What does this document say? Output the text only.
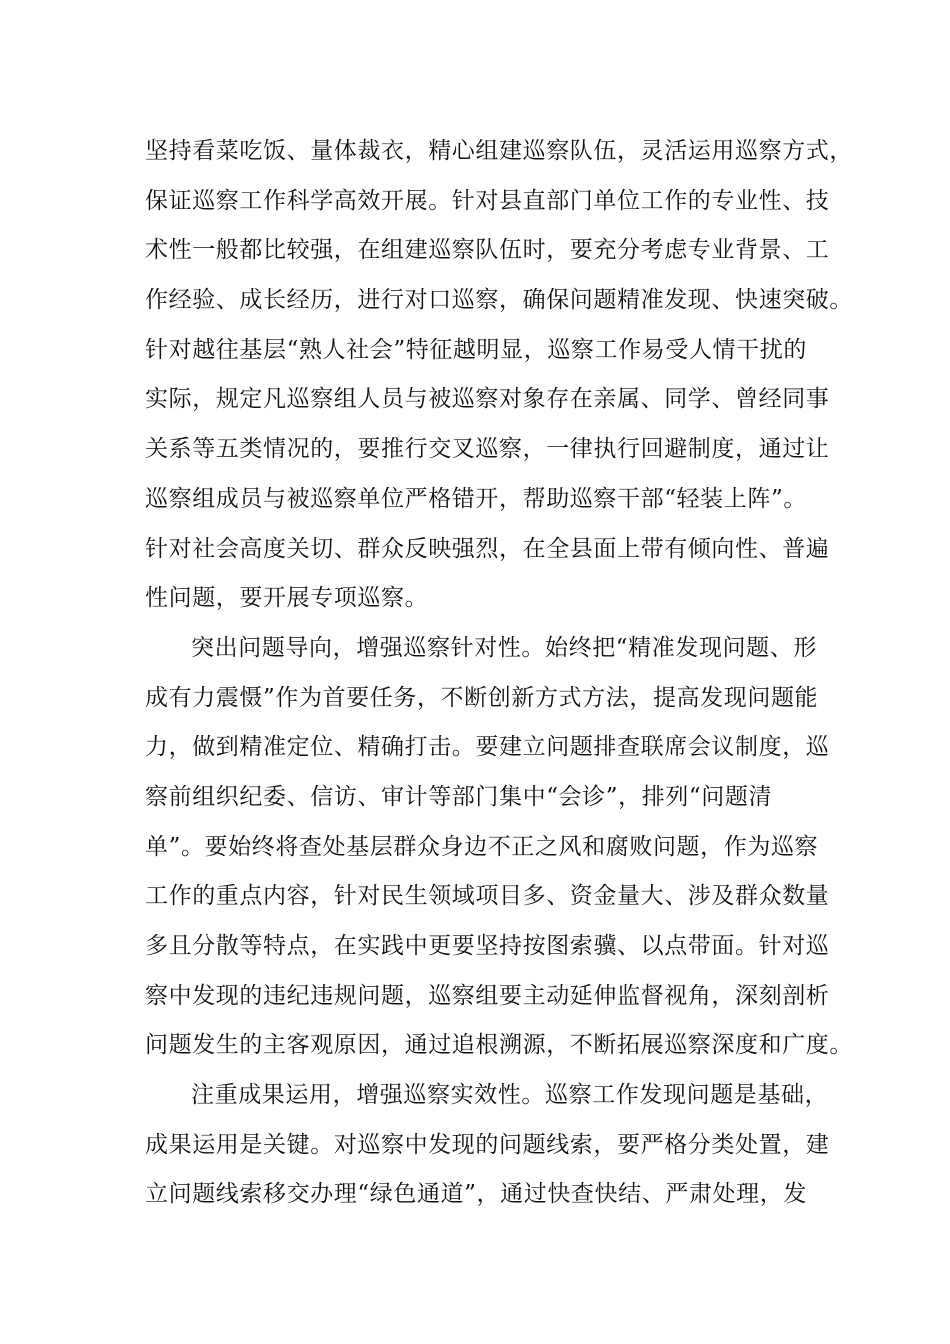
坚持看菜吃饭、量体裁衣，精心组建巡察队伍，灵活运用巡察方式，
保证巡察工作科学高效开展。针对县直部门单位工作的专业性、技
术性一般都比较强，在组建巡察队伍时，要充分考虑专业背景、工
作经验、成长经历，进行对口巡察，确保问题精准发现、快速突破。
针对越往基层“熟人社会”特征越明显，巡察工作易受人情干扰的
实际，规定凡巡察组人员与被巡察对象存在亲属、同学、曾经同事
关系等五类情况的，要推行交叉巡察，一律执行回避制度，通过让
巡察组成员与被巡察单位严格错开，帮助巡察干部“轻装上阵”。
针对社会高度关切、群众反映强烈，在全县面上带有倾向性、普遍
性问题，要开展专项巡察。
突出问题导向，增强巡察针对性。始终把“精准发现问题、形
成有力震慑”作为首要任务，不断创新方式方法，提高发现问题能
力，做到精准定位、精确打击。要建立问题排查联席会议制度，巡
察前组织纪委、信访、审计等部门集中“会诊”，排列“问题清
单”。要始终将查处基层群众身边不正之风和腐败问题，作为巡察
工作的重点内容，针对民生领域项目多、资金量大、涉及群众数量
多且分散等特点，在实践中更要坚持按图索骥、以点带面。针对巡
察中发现的违纪违规问题，巡察组要主动延伸监督视角，深刻剖析
问题发生的主客观原因，通过追根溯源，不断拓展巡察深度和广度。
注重成果运用，增强巡察实效性。巡察工作发现问题是基础，
成果运用是关键。对巡察中发现的问题线索，要严格分类处置，建
立问题线索移交办理“绿色通道”，通过快查快结、严肃处理，发
